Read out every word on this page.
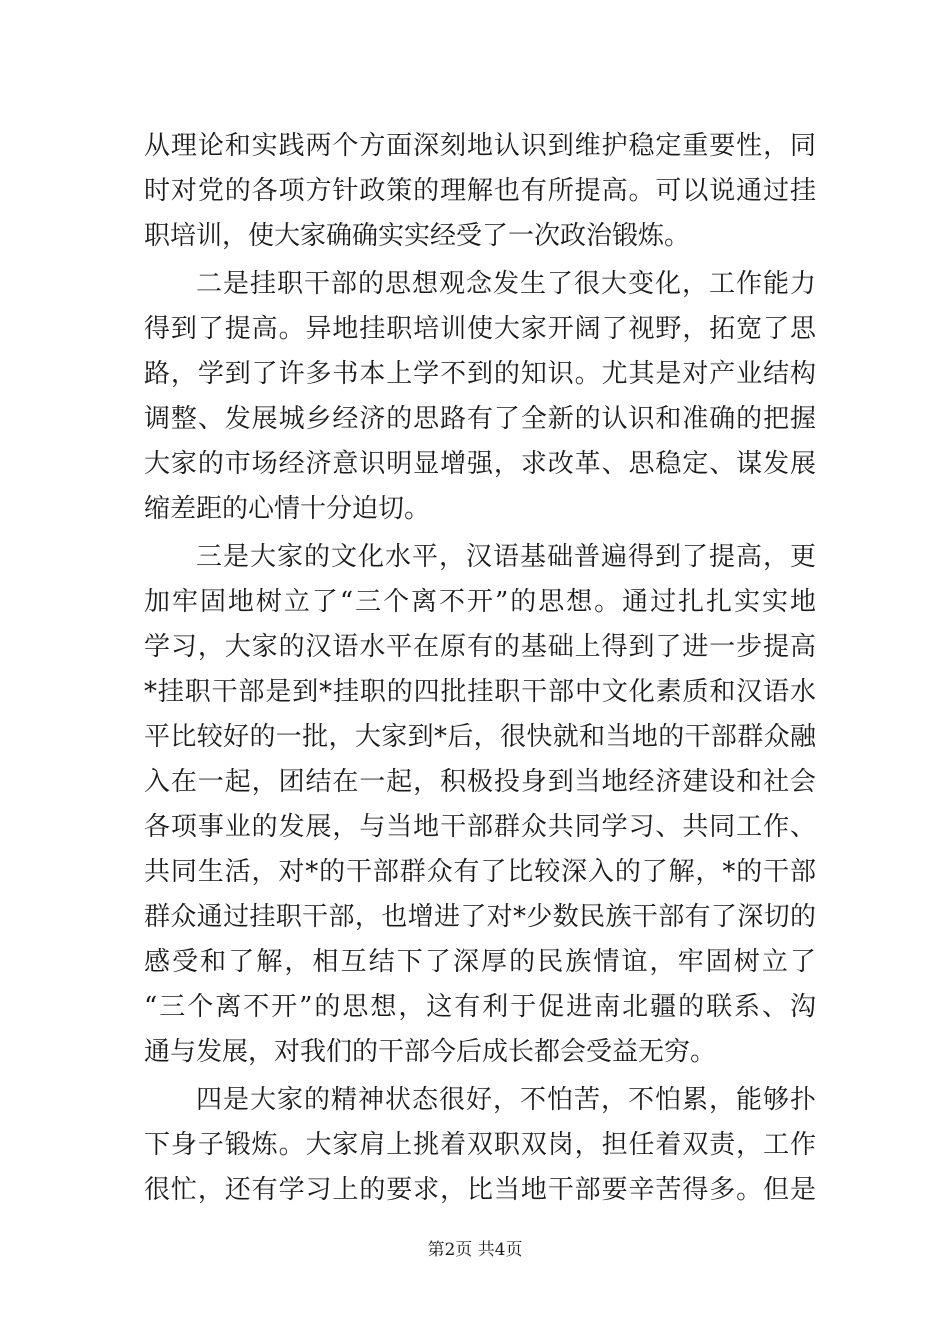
从理论和实践两个方面深刻地认识到维护稳定重要性，同
时对党的各项方针政策的理解也有所提高。可以说通过挂
职培训，使大家确确实实经受了一次政治锻炼。
二是挂职干部的思想观念发生了很大变化，工作能力
得到了提高。异地挂职培训使大家开阔了视野，拓宽了思
路，学到了许多书本上学不到的知识。尤其是对产业结构
调整、发展城乡经济的思路有了全新的认识和准确的把握
大家的市场经济意识明显增强，求改革、思稳定、谋发展
缩差距的心情十分迫切。
三是大家的文化水平，汉语基础普遍得到了提高，更
加牢固地树立了“三个离不开”的思想。通过扎扎实实地
学习，大家的汉语水平在原有的基础上得到了进一步提高
*挂职干部是到*挂职的四批挂职干部中文化素质和汉语水
平比较好的一批，大家到*后，很快就和当地的干部群众融
入在一起，团结在一起，积极投身到当地经济建设和社会
各项事业的发展，与当地干部群众共同学习、共同工作、
共同生活，对*的干部群众有了比较深入的了解，*的干部
群众通过挂职干部，也增进了对*少数民族干部有了深切的
感受和了解，相互结下了深厚的民族情谊，牢固树立了
“三个离不开”的思想，这有利于促进南北疆的联系、沟
通与发展，对我们的干部今后成长都会受益无穷。
四是大家的精神状态很好，不怕苦，不怕累，能够扑
下身子锻炼。大家肩上挑着双职双岗，担任着双责，工作
很忙，还有学习上的要求，比当地干部要辛苦得多。但是
第2页 共4页
